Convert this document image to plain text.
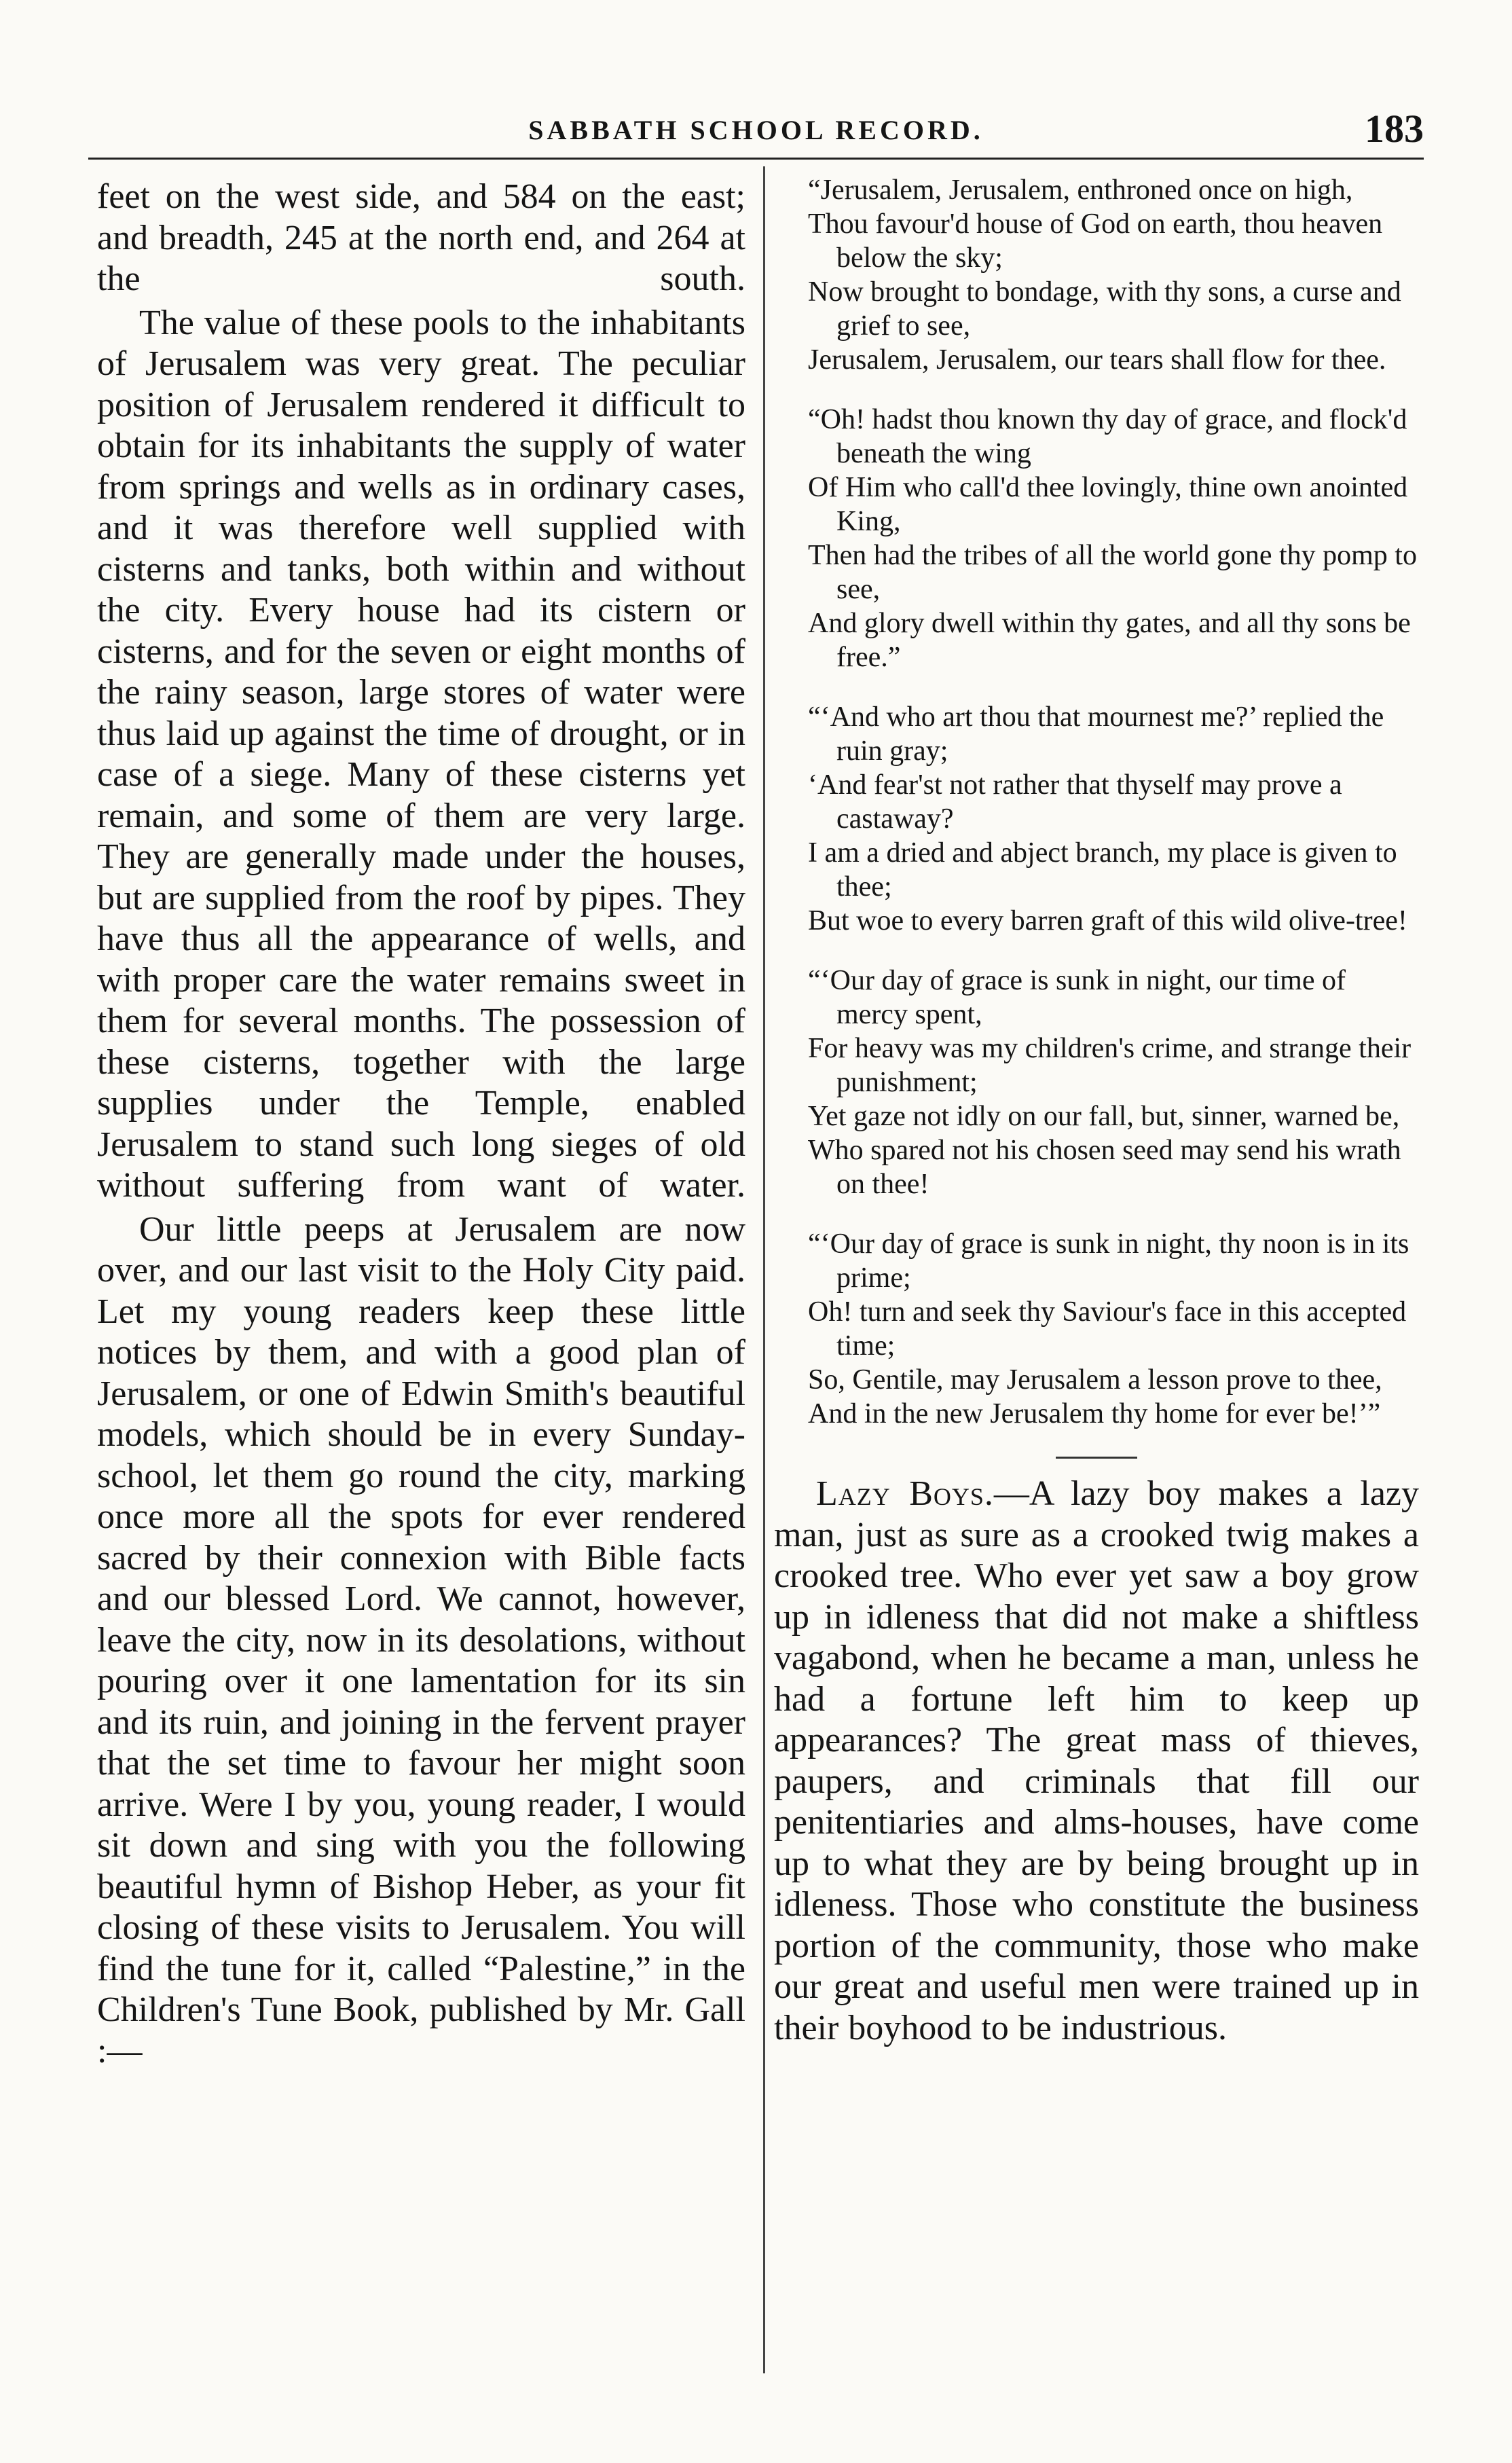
SABBATH SCHOOL RECORD.	183

feet on the west side, and 584 on the east; and breadth, 245 at the north end, and 264 at the south.

The value of these pools to the inhabitants of Jerusalem was very great. The peculiar position of Jerusalem rendered it difficult to obtain for its inhabitants the supply of water from springs and wells as in ordinary cases, and it was therefore well supplied with cisterns and tanks, both within and without the city. Every house had its cistern or cisterns, and for the seven or eight months of the rainy season, large stores of water were thus laid up against the time of drought, or in case of a siege. Many of these cisterns yet remain, and some of them are very large. They are generally made under the houses, but are supplied from the roof by pipes. They have thus all the appearance of wells, and with proper care the water remains sweet in them for several months. The possession of these cisterns, together with the large supplies under the Temple, enabled Jerusalem to stand such long sieges of old without suffering from want of water.

Our little peeps at Jerusalem are now over, and our last visit to the Holy City paid. Let my young readers keep these little notices by them, and with a good plan of Jerusalem, or one of Edwin Smith's beautiful models, which should be in every Sunday-school, let them go round the city, marking once more all the spots for ever rendered sacred by their connexion with Bible facts and our blessed Lord. We cannot, however, leave the city, now in its desolations, without pouring over it one lamentation for its sin and its ruin, and joining in the fervent prayer that the set time to favour her might soon arrive. Were I by you, young reader, I would sit down and sing with you the following beautiful hymn of Bishop Heber, as your fit closing of these visits to Jerusalem. You will find the tune for it, called “Palestine,” in the Children's Tune Book, published by Mr. Gall :—

“Jerusalem, Jerusalem, enthroned once on high,
Thou favour'd house of God on earth, thou heaven below the sky;
Now brought to bondage, with thy sons, a curse and grief to see,
Jerusalem, Jerusalem, our tears shall flow for thee.
“Oh! hadst thou known thy day of grace, and flock'd beneath the wing
Of Him who call'd thee lovingly, thine own anointed King,
Then had the tribes of all the world gone thy pomp to see,
And glory dwell within thy gates, and all thy sons be free.”
“‘And who art thou that mournest me?’ replied the ruin gray;
‘And fear'st not rather that thyself may prove a castaway?
I am a dried and abject branch, my place is given to thee;
But woe to every barren graft of this wild olive-tree!
“‘Our day of grace is sunk in night, our time of mercy spent,
For heavy was my children's crime, and strange their punishment;
Yet gaze not idly on our fall, but, sinner, warned be,
Who spared not his chosen seed may send his wrath on thee!
“‘Our day of grace is sunk in night, thy noon is in its prime;
Oh! turn and seek thy Saviour's face in this accepted time;
So, Gentile, may Jerusalem a lesson prove to thee,
And in the new Jerusalem thy home for ever be!’”

Lazy Boys.—A lazy boy makes a lazy man, just as sure as a crooked twig makes a crooked tree. Who ever yet saw a boy grow up in idleness that did not make a shiftless vagabond, when he became a man, unless he had a fortune left him to keep up appearances? The great mass of thieves, paupers, and criminals that fill our penitentiaries and alms-houses, have come up to what they are by being brought up in idleness. Those who constitute the business portion of the community, those who make our great and useful men were trained up in their boyhood to be industrious.
